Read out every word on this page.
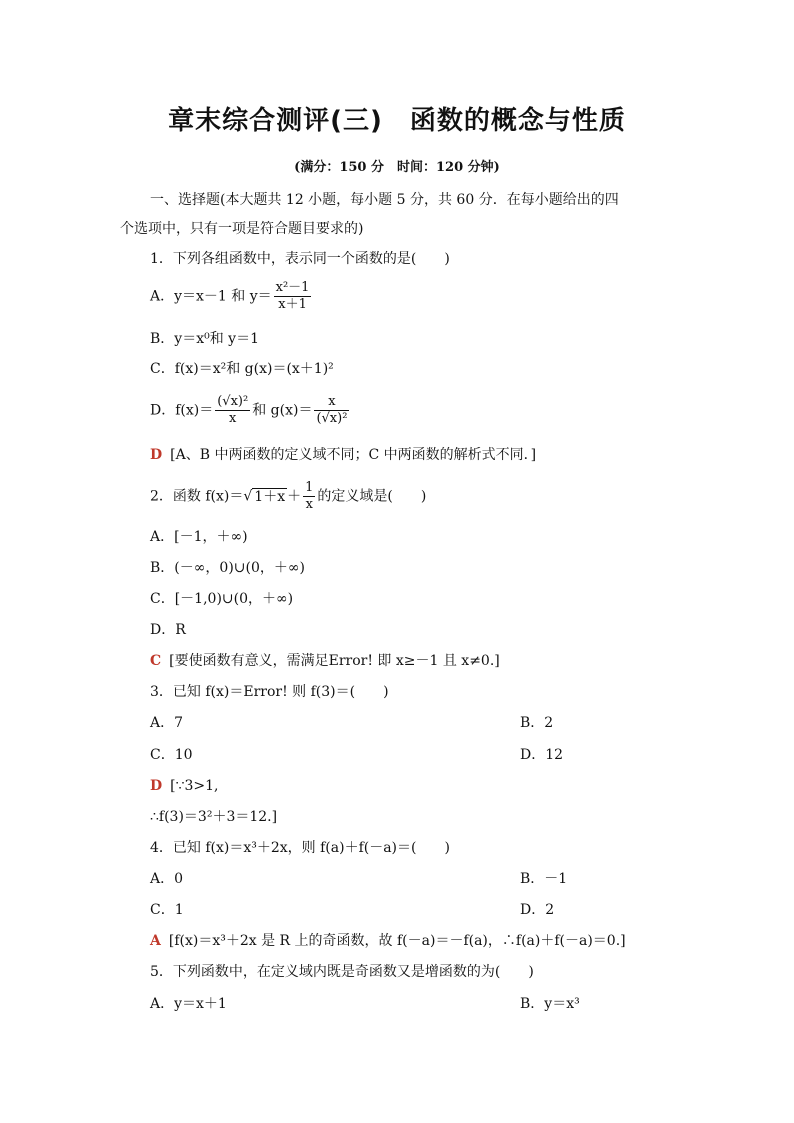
章末综合测评(三)　函数的概念与性质
(满分：150 分　时间：120 分钟)
一、选择题(本大题共 12 小题，每小题 5 分，共 60 分．在每小题给出的四
个选项中，只有一项是符合题目要求的)
1．下列各组函数中，表示同一个函数的是(　　)
A．y＝x－1 和 $y= \frac{\text{x²－1}}{x+1}$
B．y＝x⁰和 y＝1
C．f(x)＝x²和 g(x)＝(x＋1)²
D．$f(x)= \frac{\text{(√x)²}}{x}$ 和 $g(x)= \frac{x}{\text{(√x)²}}$
D [A、B 中两函数的定义域不同；C 中两函数的解析式不同．]
2．函数 f(x)＝√ $1+x + \frac{1}{x}$ 的定义域是(　　)
A．[－1，＋∞)
B．(－∞，0)∪(0，＋∞)
C．[－1,0)∪(0，＋∞)
D．R
C [要使函数有意义，需满足Error! 即 x≥－1 且 x≠0.]
3．已知 f(x)＝Error! 则 f(3)＝(　　)
A．7	B．2
C．10	D．12
D [∵3>1,
∴f(3)＝3²＋3＝12.]
4．已知 f(x)＝x³＋2x，则 f(a)＋f(－a)＝(　　)
A．0	B．－1
C．1	D．2
A [f(x)＝x³＋2x 是 R 上的奇函数，故 f(－a)＝－f(a)，∴f(a)＋f(－a)＝0.]
5．下列函数中，在定义域内既是奇函数又是增函数的为(　　)
A．y＝x＋1	B．y＝x³
